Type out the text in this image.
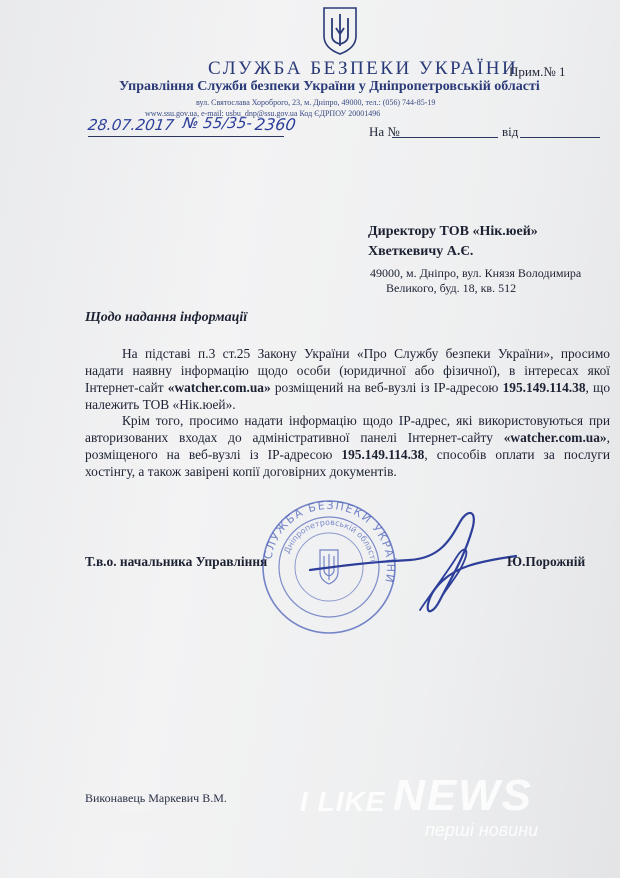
СЛУЖБА БЕЗПЕКИ УКРАЇНИ
Прим.№ 1
Управління Служби безпеки України у Дніпропетровській області
вул. Святослава Хороброго, 23, м. Дніпро, 49000, тел.: (056) 744-85-19
www.ssu.gov.ua, e-mail: usbu_dnp@ssu.gov.ua Код ЄДРПОУ 20001496
28.07.2017 № 55/35- 2360	На №	від
Директору ТОВ «Нік.юей»
Хветкевичу А.Є.
49000, м. Дніпро, вул. Князя Володимира
Великого, буд. 18, кв. 512
Щодо надання інформації
На підставі п.3 ст.25 Закону України «Про Службу безпеки України», просимо надати наявну інформацію щодо особи (юридичної або фізичної), в інтересах якої Інтернет-сайт «watcher.com.ua» розміщений на веб-вузлі із IP-адресою 195.149.114.38, що належить ТОВ «Нік.юей».
Крім того, просимо надати інформацію щодо IP-адрес, які використовуються при авторизованих входах до адміністративної панелі Інтернет-сайту «watcher.com.ua», розміщеного на веб-вузлі із IP-адресою 195.149.114.38, способів оплати за послуги хостінгу, а також завірені копії договірних документів.
СЛУЖБА БЕЗПЕКИ УКРАЇНИ
Дніпропетровській області
Т.в.о. начальника Управління	Ю.Порожній
Виконавець Маркевич В.М.	I LIKE NEWS
перші новини
